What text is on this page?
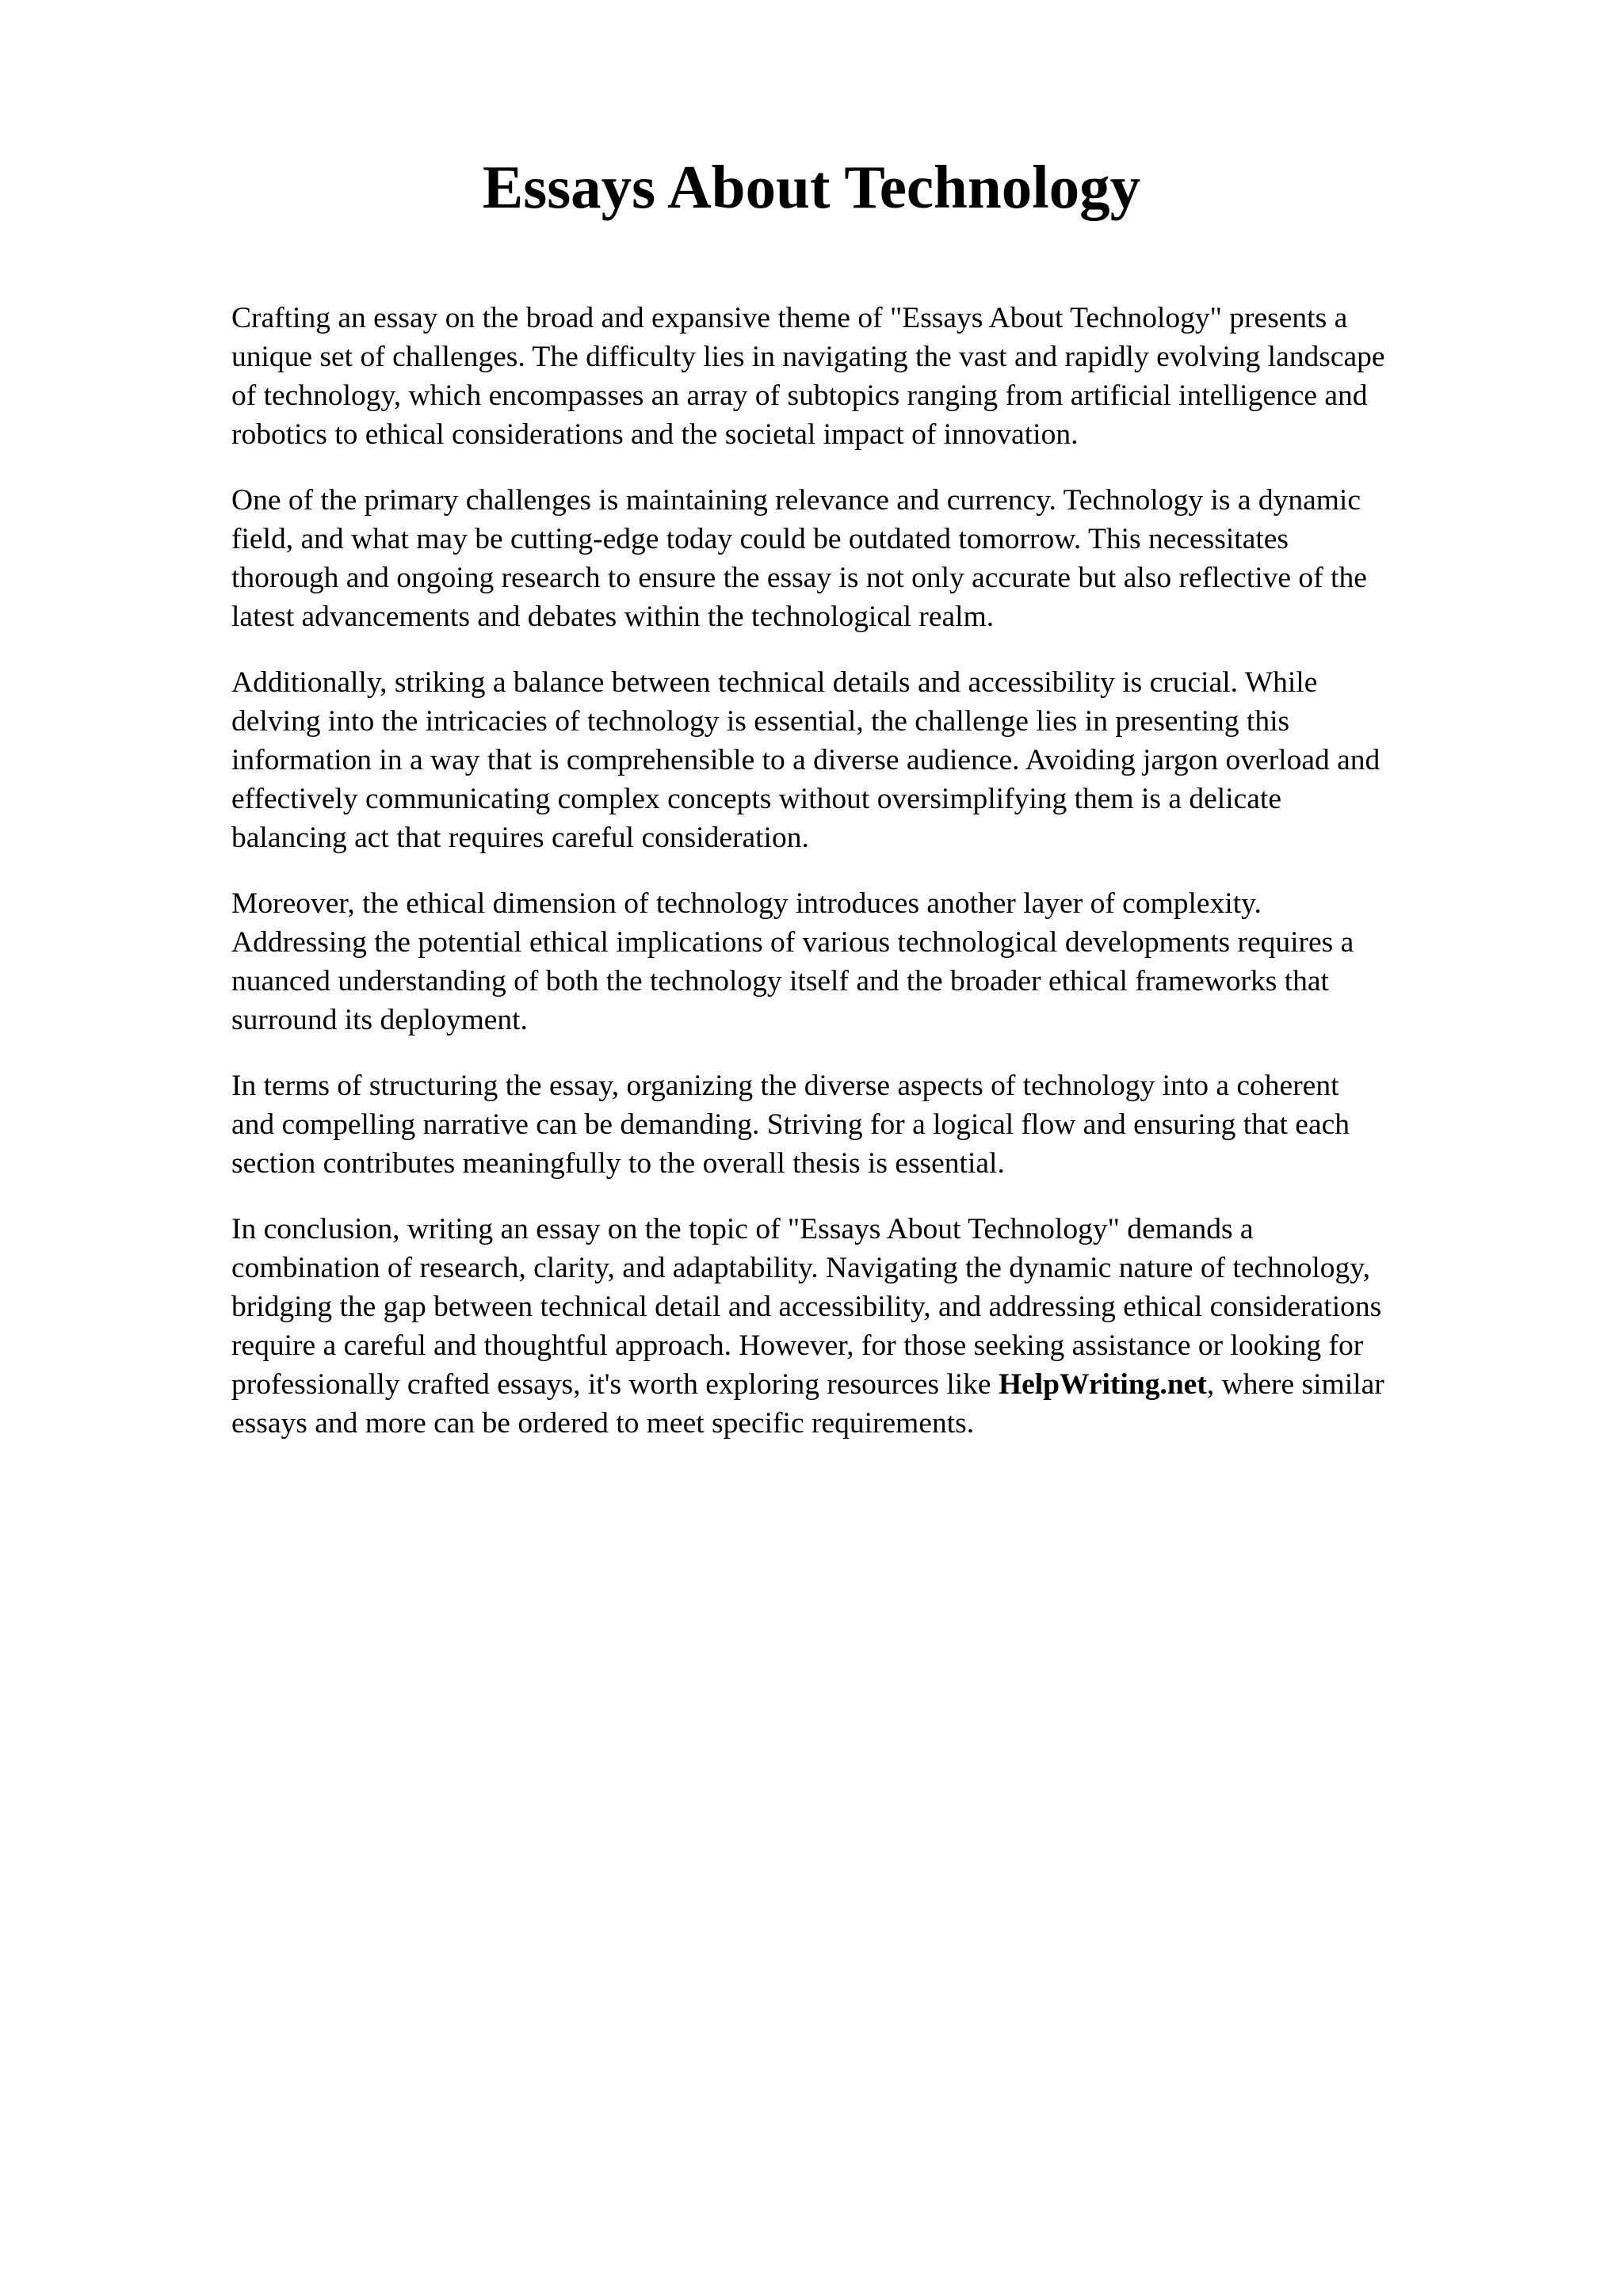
Essays About Technology

Crafting an essay on the broad and expansive theme of "Essays About Technology" presents a
unique set of challenges. The difficulty lies in navigating the vast and rapidly evolving landscape
of technology, which encompasses an array of subtopics ranging from artificial intelligence and
robotics to ethical considerations and the societal impact of innovation.

One of the primary challenges is maintaining relevance and currency. Technology is a dynamic
field, and what may be cutting-edge today could be outdated tomorrow. This necessitates
thorough and ongoing research to ensure the essay is not only accurate but also reflective of the
latest advancements and debates within the technological realm.

Additionally, striking a balance between technical details and accessibility is crucial. While
delving into the intricacies of technology is essential, the challenge lies in presenting this
information in a way that is comprehensible to a diverse audience. Avoiding jargon overload and
effectively communicating complex concepts without oversimplifying them is a delicate
balancing act that requires careful consideration.

Moreover, the ethical dimension of technology introduces another layer of complexity.
Addressing the potential ethical implications of various technological developments requires a
nuanced understanding of both the technology itself and the broader ethical frameworks that
surround its deployment.

In terms of structuring the essay, organizing the diverse aspects of technology into a coherent
and compelling narrative can be demanding. Striving for a logical flow and ensuring that each
section contributes meaningfully to the overall thesis is essential.

In conclusion, writing an essay on the topic of "Essays About Technology" demands a
combination of research, clarity, and adaptability. Navigating the dynamic nature of technology,
bridging the gap between technical detail and accessibility, and addressing ethical considerations
require a careful and thoughtful approach. However, for those seeking assistance or looking for
professionally crafted essays, it's worth exploring resources like HelpWriting.net, where similar
essays and more can be ordered to meet specific requirements.
